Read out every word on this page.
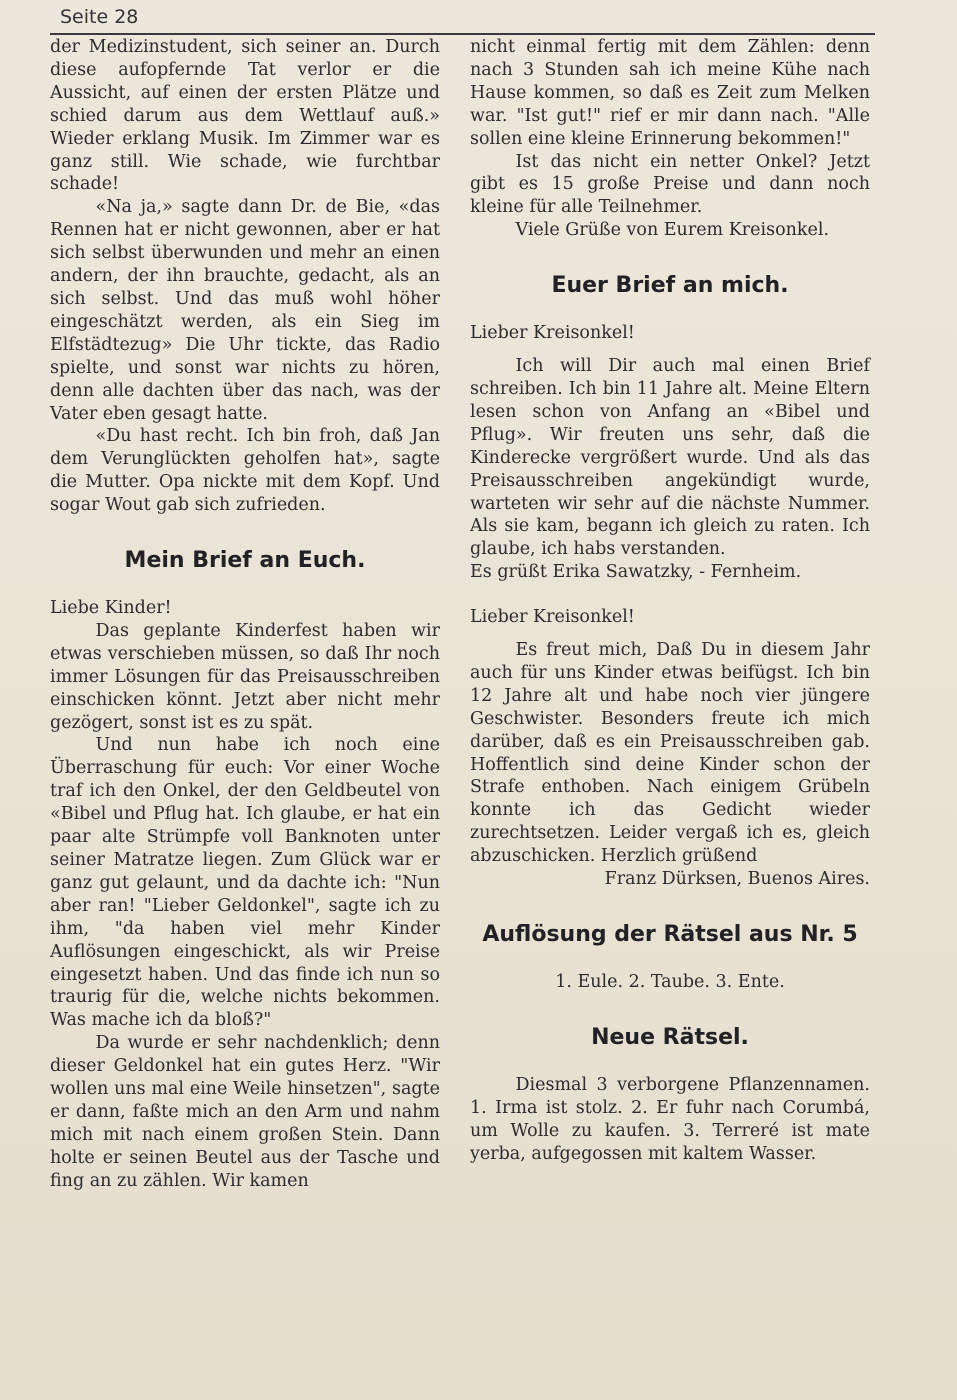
Seite 28

der Medizinstudent, sich seiner an. Durch diese aufopfernde Tat verlor er die Aussicht, auf einen der ersten Plätze und schied darum aus dem Wettlauf auß.» Wieder erklang Musik. Im Zimmer war es ganz still. Wie schade, wie furchtbar schade!

«Na ja,» sagte dann Dr. de Bie, «das Rennen hat er nicht gewonnen, aber er hat sich selbst überwunden und mehr an einen andern, der ihn brauchte, gedacht, als an sich selbst. Und das muß wohl höher eingeschätzt werden, als ein Sieg im Elfstädtezug» Die Uhr tickte, das Radio spielte, und sonst war nichts zu hören, denn alle dachten über das nach, was der Vater eben gesagt hatte.

«Du hast recht. Ich bin froh, daß Jan dem Verunglückten geholfen hat», sagte die Mutter. Opa nickte mit dem Kopf. Und sogar Wout gab sich zufrieden.

Mein Brief an Euch.

Liebe Kinder!

Das geplante Kinderfest haben wir etwas verschieben müssen, so daß Ihr noch immer Lösungen für das Preisausschreiben einschicken könnt. Jetzt aber nicht mehr gezögert, sonst ist es zu spät.

Und nun habe ich noch eine Überraschung für euch: Vor einer Woche traf ich den Onkel, der den Geldbeutel von «Bibel und Pflug hat. Ich glaube, er hat ein paar alte Strümpfe voll Banknoten unter seiner Matratze liegen. Zum Glück war er ganz gut gelaunt, und da dachte ich: "Nun aber ran! "Lieber Geldonkel", sagte ich zu ihm, "da haben viel mehr Kinder Auflösungen eingeschickt, als wir Preise eingesetzt haben. Und das finde ich nun so traurig für die, welche nichts bekommen. Was mache ich da bloß?"

Da wurde er sehr nachdenklich; denn dieser Geldonkel hat ein gutes Herz. "Wir wollen uns mal eine Weile hinsetzen", sagte er dann, faßte mich an den Arm und nahm mich mit nach einem großen Stein. Dann holte er seinen Beutel aus der Tasche und fing an zu zählen. Wir kamen

nicht einmal fertig mit dem Zählen: denn nach 3 Stunden sah ich meine Kühe nach Hause kommen, so daß es Zeit zum Melken war. "Ist gut!" rief er mir dann nach. "Alle sollen eine kleine Erinnerung bekommen!"

Ist das nicht ein netter Onkel? Jetzt gibt es 15 große Preise und dann noch kleine für alle Teilnehmer.

Viele Grüße von Eurem Kreisonkel.

Euer Brief an mich.

Lieber Kreisonkel!

Ich will Dir auch mal einen Brief schreiben. Ich bin 11 Jahre alt. Meine Eltern lesen schon von Anfang an «Bibel und Pflug». Wir freuten uns sehr, daß die Kinderecke vergrößert wurde. Und als das Preisausschreiben angekündigt wurde, warteten wir sehr auf die nächste Nummer. Als sie kam, begann ich gleich zu raten. Ich glaube, ich habs verstanden.

Es grüßt Erika Sawatzky, - Fernheim.

Lieber Kreisonkel!

Es freut mich, Daß Du in diesem Jahr auch für uns Kinder etwas beifügst. Ich bin 12 Jahre alt und habe noch vier jüngere Geschwister. Besonders freute ich mich darüber, daß es ein Preisausschreiben gab. Hoffentlich sind deine Kinder schon der Strafe enthoben. Nach einigem Grübeln konnte ich das Gedicht wieder zurechtsetzen. Leider vergaß ich es, gleich abzuschicken. Herzlich grüßend

Franz Dürksen, Buenos Aires.

Auflösung der Rätsel aus Nr. 5

1. Eule. 2. Taube. 3. Ente.

Neue Rätsel.

Diesmal 3 verborgene Pflanzennamen. 1. Irma ist stolz. 2. Er fuhr nach Corumbá, um Wolle zu kaufen. 3. Terreré ist mate yerba, aufgegossen mit kaltem Wasser.
